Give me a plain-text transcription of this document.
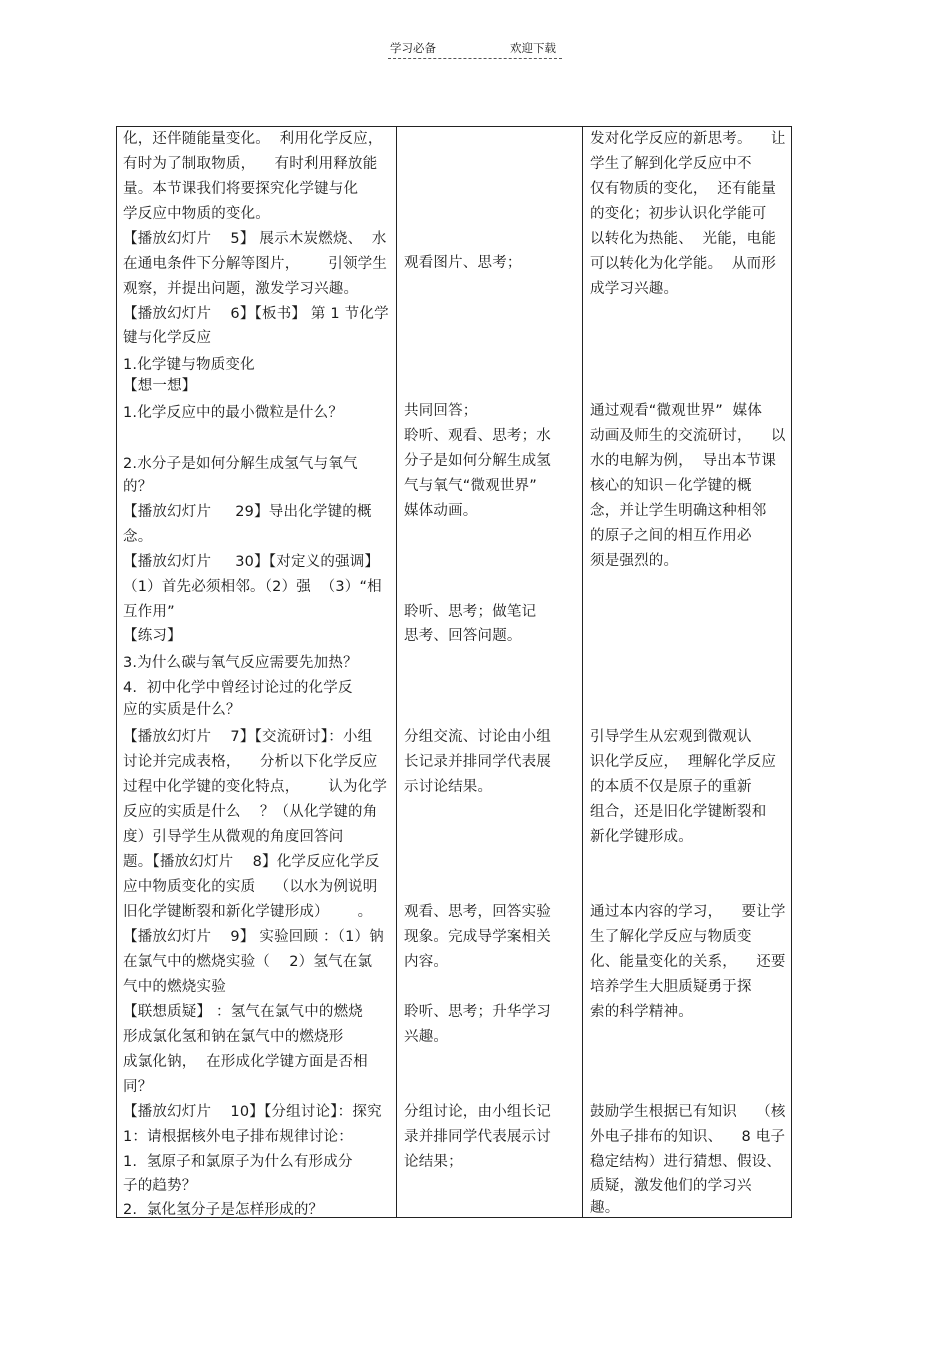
学习必备	欢迎下载
化，还伴随能量变化。  利用化学反应，
有时为了制取物质，    有时利用释放能
量。本节课我们将要探究化学键与化
学反应中物质的变化。
【播放幻灯片    5】 展示木炭燃烧、  水
在通电条件下分解等图片，      引领学生
观察，并提出问题，激发学习兴趣。
【播放幻灯片    6】【板书】 第 1 节化学
键与化学反应
1.化学键与物质变化
【想一想】
1.化学反应中的最小微粒是什么？
2.水分子是如何分解生成氢气与氧气
的？
【播放幻灯片     29】导出化学键的概
念。
【播放幻灯片     30】【对定义的强调】
（1）首先必须相邻。（2）强  （3）“相
互作用”
【练习】
3.为什么碳与氧气反应需要先加热？
4.  初中化学中曾经讨论过的化学反
应的实质是什么？
【播放幻灯片    7】【交流研讨】：小组
讨论并完成表格，    分析以下化学反应
过程中化学键的变化特点，      认为化学
反应的实质是什么    ？（从化学键的角
度）引导学生从微观的角度回答问
题。【播放幻灯片    8】化学反应化学反
应中物质变化的实质    （以水为例说明
旧化学键断裂和新化学键形成）      。
【播放幻灯片    9】 实验回顾 ：（1）钠
在氯气中的燃烧实验（    2）氢气在氯
气中的燃烧实验
【联想质疑】 ：氢气在氯气中的燃烧
形成氯化氢和钠在氯气中的燃烧形
成氯化钠，  在形成化学键方面是否相
同？
【播放幻灯片    10】【分组讨论】：探究
1：请根据核外电子排布规律讨论：
1.  氢原子和氯原子为什么有形成分
子的趋势？
2.  氯化氢分子是怎样形成的？
观看图片、思考；
共同回答；
聆听、观看、思考；水
分子是如何分解生成氢
气与氧气“微观世界”
媒体动画。
聆听、思考；做笔记
思考、回答问题。
分组交流、讨论由小组
长记录并排同学代表展
示讨论结果。
观看、思考，回答实验
现象。完成导学案相关
内容。
聆听、思考；升华学习
兴趣。
分组讨论，由小组长记
录并排同学代表展示讨
论结果；
发对化学反应的新思考。    让
学生了解到化学反应中不
仅有物质的变化，  还有能量
的变化；初步认识化学能可
以转化为热能、  光能，电能
可以转化为化学能。  从而形
成学习兴趣。
通过观看“微观世界”  媒体
动画及师生的交流研讨，    以
水的电解为例，  导出本节课
核心的知识－化学键的概
念，并让学生明确这种相邻
的原子之间的相互作用必
须是强烈的。
引导学生从宏观到微观认
识化学反应，  理解化学反应
的本质不仅是原子的重新
组合，还是旧化学键断裂和
新化学键形成。
通过本内容的学习，    要让学
生了解化学反应与物质变
化、能量变化的关系，    还要
培养学生大胆质疑勇于探
索的科学精神。
鼓励学生根据已有知识    （核
外电子排布的知识、    8 电子
稳定结构）进行猜想、假设、
质疑，激发他们的学习兴
趣。
